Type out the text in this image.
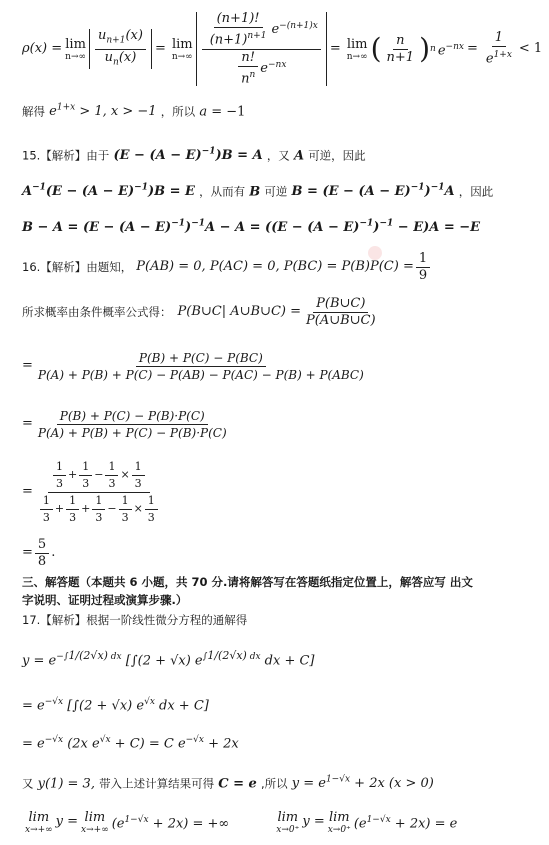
ρ(x) = lim
$n\to\infty \frac{u_{n+1}(x)}{u_n(x)} = \lim$
$n\to\infty \frac{\frac{(n+1)!}{(n+1)^{n+1}} e^{-(n+1)x}}{\frac{n!}{n^n} e^{-nx}} = \lim$
n→∞ ( $\frac{n}{n+1}$ ) n $e^{-nx} = \frac{1}{e^{1+x}} < 1$
解得 $e^{1+x} > 1$, x > −1 ，所以 a = −1
15.【解析】由于 $(E - (A - E)^{-1})B = A$ ，又 A 可逆，因此
$A^{-1}(E - (A - E)^{-1})B = E$ ，从而有 B 可逆 $B = (E - (A - E)^{-1})^{-1}A$ ，因此
$B - A = (E - (A - E)^{-1})^{-1}A - A = ((E - (A - E)^{-1})^{-1} - E)A = -E$
16.【解析】由题知， P(AB) = 0, P(AC) = 0, $P(BC) = P(B)P(C) = \frac{1}{9}$
所求概率由条件概率公式得： P(B∪C| A∪B∪C) = $\frac{P(B\cup C)}{P(A\cup B\cup C)}$
= $\frac{P(B) + P(C) - P(BC)}{\text{P(A) + P(B) + P(C) − P(AB) − P(AC) − P(B) + P(ABC)}}$
= $\frac{P(B) + P(C) - P(B)\cdot P(C)}{P(A) + P(B) + P(C) - P(B)\cdot P(C)}$
= $\frac{\frac{1}{3} + \frac{1}{3} - \frac{1}{3} \times \frac{1}{3}}{\frac{1}{3} + \frac{1}{3} + \frac{1}{3} - \frac{1}{3} \times \frac{1}{3}}$
= $\frac{5}{8}$ .
三、解答题（本题共 6 小题，共 70 分.请将解答写在答题纸指定位置上，解答应写 出文
字说明、证明过程或演算步骤.）
17.【解析】根据一阶线性微分方程的通解得
$y = e^{-\int 1/(2√x) dx}$ [∫(2 + √x) $e^{\int 1/(2√x) dx}$ dx + C]
= $e^{-√x}$ [∫(2 + √x) $e^{√x}$ dx + C]
= $e^{-√x}$ (2x $e^{√x} + C) = C$ $e^{-√x} + 2x$
又 y(1) = 3, 带入上述计算结果可得 C = e ,所以 $y = e^{1-√x} + 2x$ (x > 0)
lim
x→+∞
y = lim
x→+∞ $(e^{1-√x} + 2x)$ = +∞	lim
x→0⁺
y = lim
x→0⁺ $(e^{1-√x} + 2x) = e$
